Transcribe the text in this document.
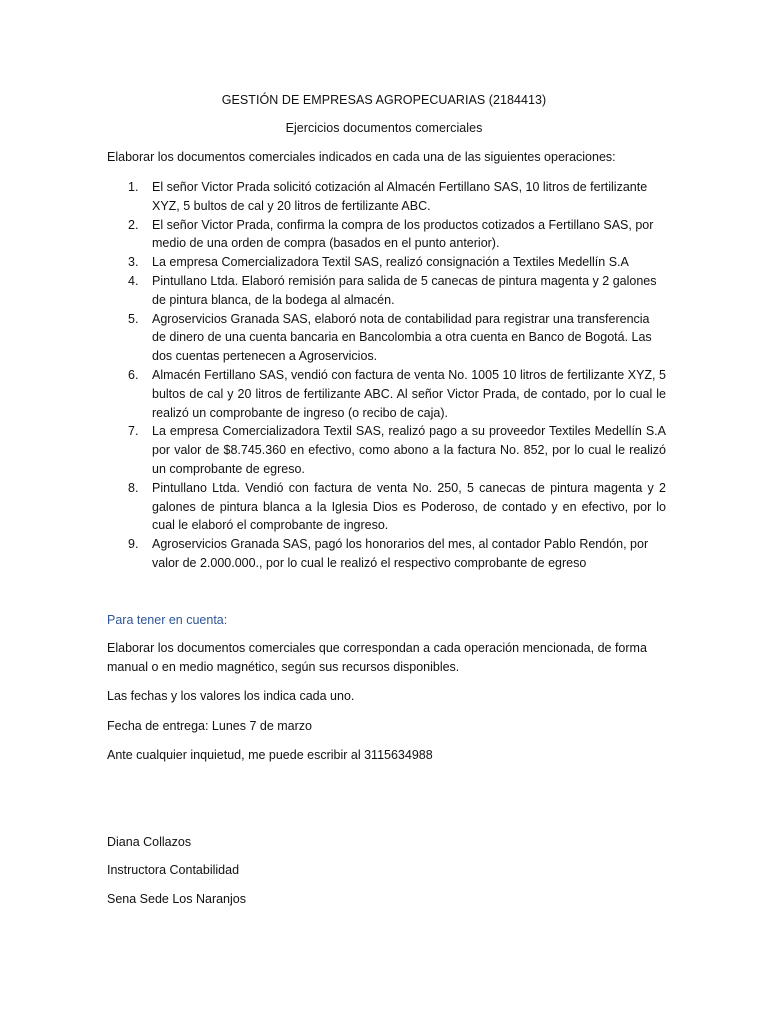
GESTIÓN DE EMPRESAS AGROPECUARIAS (2184413)
Ejercicios documentos comerciales
Elaborar los documentos comerciales indicados en cada una de las siguientes operaciones:
1. El señor Victor Prada solicitó cotización al Almacén Fertillano SAS, 10 litros de fertilizante XYZ, 5 bultos de cal y 20 litros de fertilizante ABC.
2. El señor Victor Prada, confirma la compra de los productos cotizados a Fertillano SAS, por medio de una orden de compra (basados en el punto anterior).
3. La empresa Comercializadora Textil SAS, realizó consignación a Textiles Medellín S.A
4. Pintullano Ltda. Elaboró remisión para salida de 5 canecas de pintura magenta y 2 galones de pintura blanca, de la bodega al almacén.
5. Agroservicios Granada SAS, elaboró nota de contabilidad para registrar una transferencia de dinero de una cuenta bancaria en Bancolombia a otra cuenta en Banco de Bogotá. Las dos cuentas pertenecen a Agroservicios.
6. Almacén Fertillano SAS, vendió con factura de venta No. 1005 10 litros de fertilizante XYZ, 5 bultos de cal y 20 litros de fertilizante ABC. Al señor Victor Prada, de contado, por lo cual le realizó un comprobante de ingreso (o recibo de caja).
7. La empresa Comercializadora Textil SAS, realizó pago a su proveedor Textiles Medellín S.A por valor de $8.745.360 en efectivo, como abono a la factura No. 852, por lo cual le realizó un comprobante de egreso.
8. Pintullano Ltda. Vendió con factura de venta No. 250, 5 canecas de pintura magenta y 2 galones de pintura blanca a la Iglesia Dios es Poderoso, de contado y en efectivo, por lo cual le elaboró el comprobante de ingreso.
9. Agroservicios Granada SAS, pagó los honorarios del mes, al contador Pablo Rendón, por valor de 2.000.000., por lo cual le realizó el respectivo comprobante de egreso
Para tener en cuenta:
Elaborar los documentos comerciales que correspondan a cada operación mencionada, de forma manual o en medio magnético, según sus recursos disponibles.
Las fechas y los valores los indica cada uno.
Fecha de entrega: Lunes 7 de marzo
Ante cualquier inquietud, me puede escribir al 3115634988
Diana Collazos
Instructora Contabilidad
Sena Sede Los Naranjos
